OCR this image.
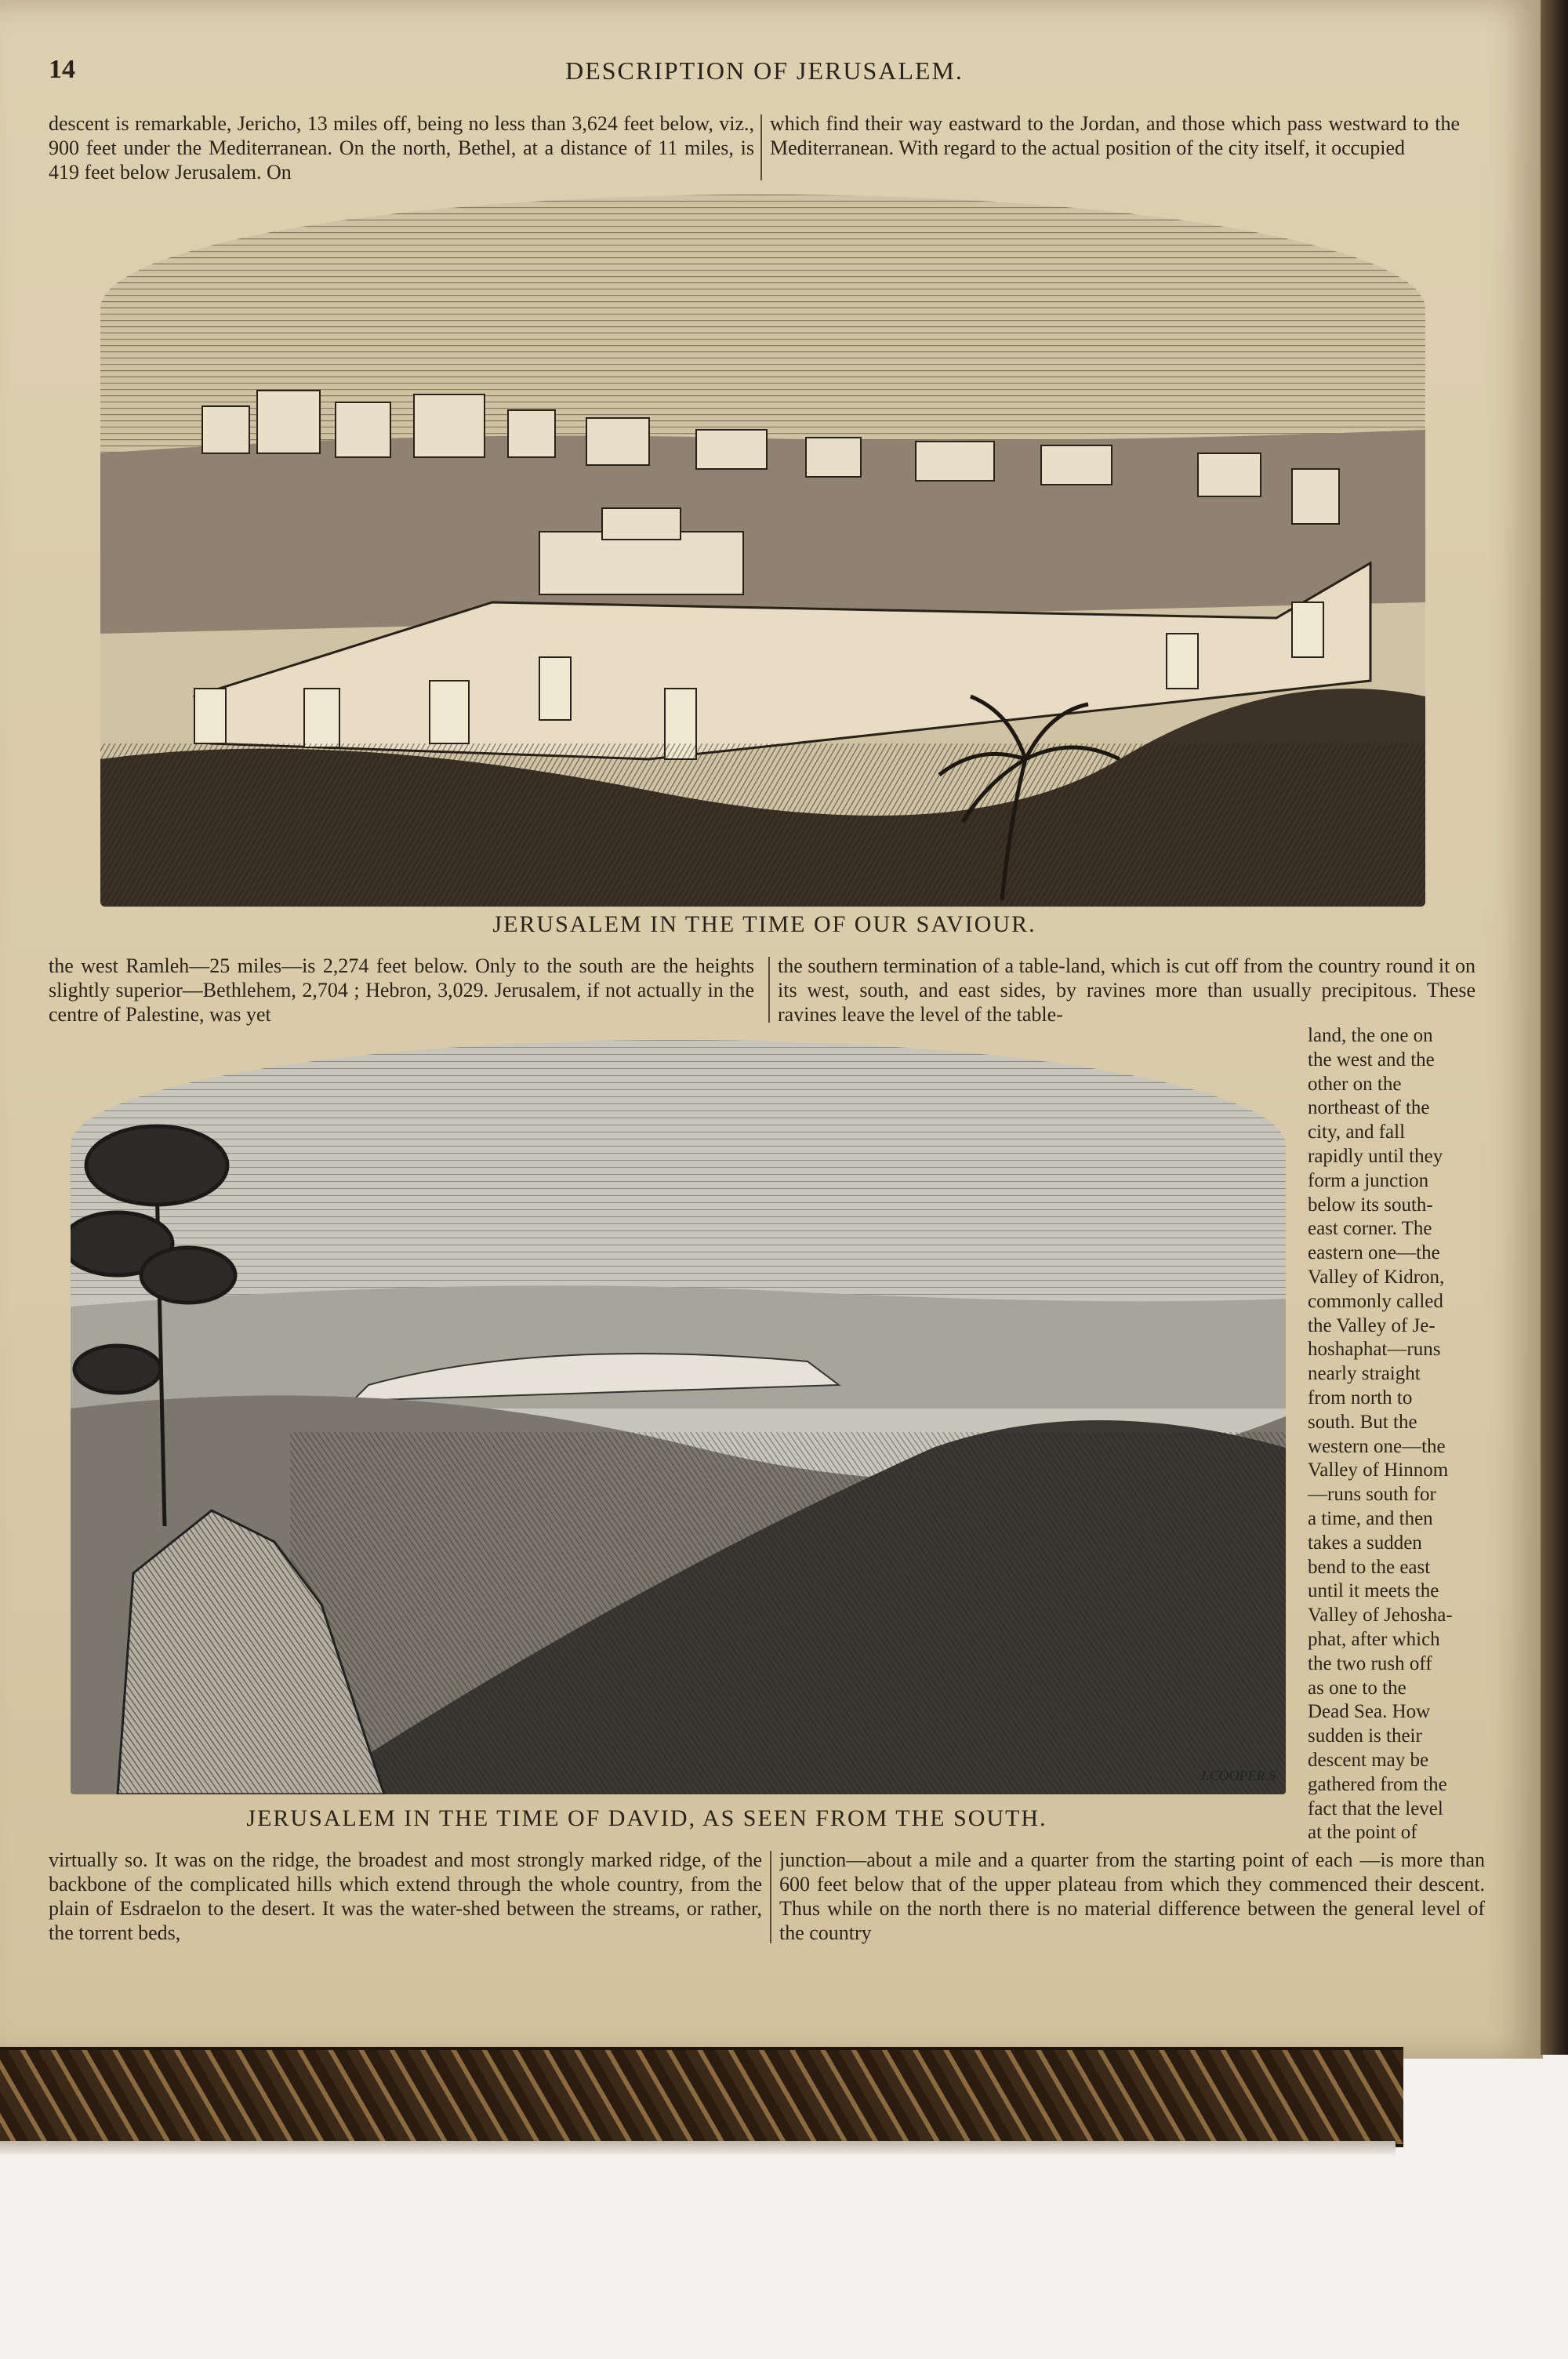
14	DESCRIPTION OF JERUSALEM.
descent is remarkable, Jericho, 13 miles off, being no less than 3,624 feet below, viz., 900 feet under the Mediterranean. On the north, Bethel, at a distance of 11 miles, is 419 feet below Jerusalem. On
which find their way eastward to the Jordan, and those which pass westward to the Mediterranean. With regard to the actual position of the city itself, it occupied
JERUSALEM IN THE TIME OF OUR SAVIOUR.
the west Ramleh—25 miles—is 2,274 feet below. Only to the south are the heights slightly superior—Bethlehem, 2,704 ; Hebron, 3,029. Jerusalem, if not actually in the centre of Palestine, was yet
the southern termination of a table-land, which is cut off from the country round it on its west, south, and east sides, by ravines more than usually precipitous. These ravines leave the level of the table-
J.COOPER.S
land, the one on
the west and the
other on the
northeast of the
city, and fall
rapidly until they
form a junction
below its south-
east corner. The
eastern one—the
Valley of Kidron,
commonly called
the Valley of Je-
hoshaphat—runs
nearly straight
from north to
south. But the
western one—the
Valley of Hinnom
—runs south for
a time, and then
takes a sudden
bend to the east
until it meets the
Valley of Jehosha-
phat, after which
the two rush off
as one to the
Dead Sea. How
sudden is their
descent may be
gathered from the
fact that the level
at the point of
JERUSALEM IN THE TIME OF DAVID, AS SEEN FROM THE SOUTH.
virtually so. It was on the ridge, the broadest and most strongly marked ridge, of the backbone of the complicated hills which extend through the whole country, from the plain of Esdraelon to the desert. It was the water-shed between the streams, or rather, the torrent beds,
junction—about a mile and a quarter from the starting point of each —is more than 600 feet below that of the upper plateau from which they commenced their descent. Thus while on the north there is no material difference between the general level of the country
